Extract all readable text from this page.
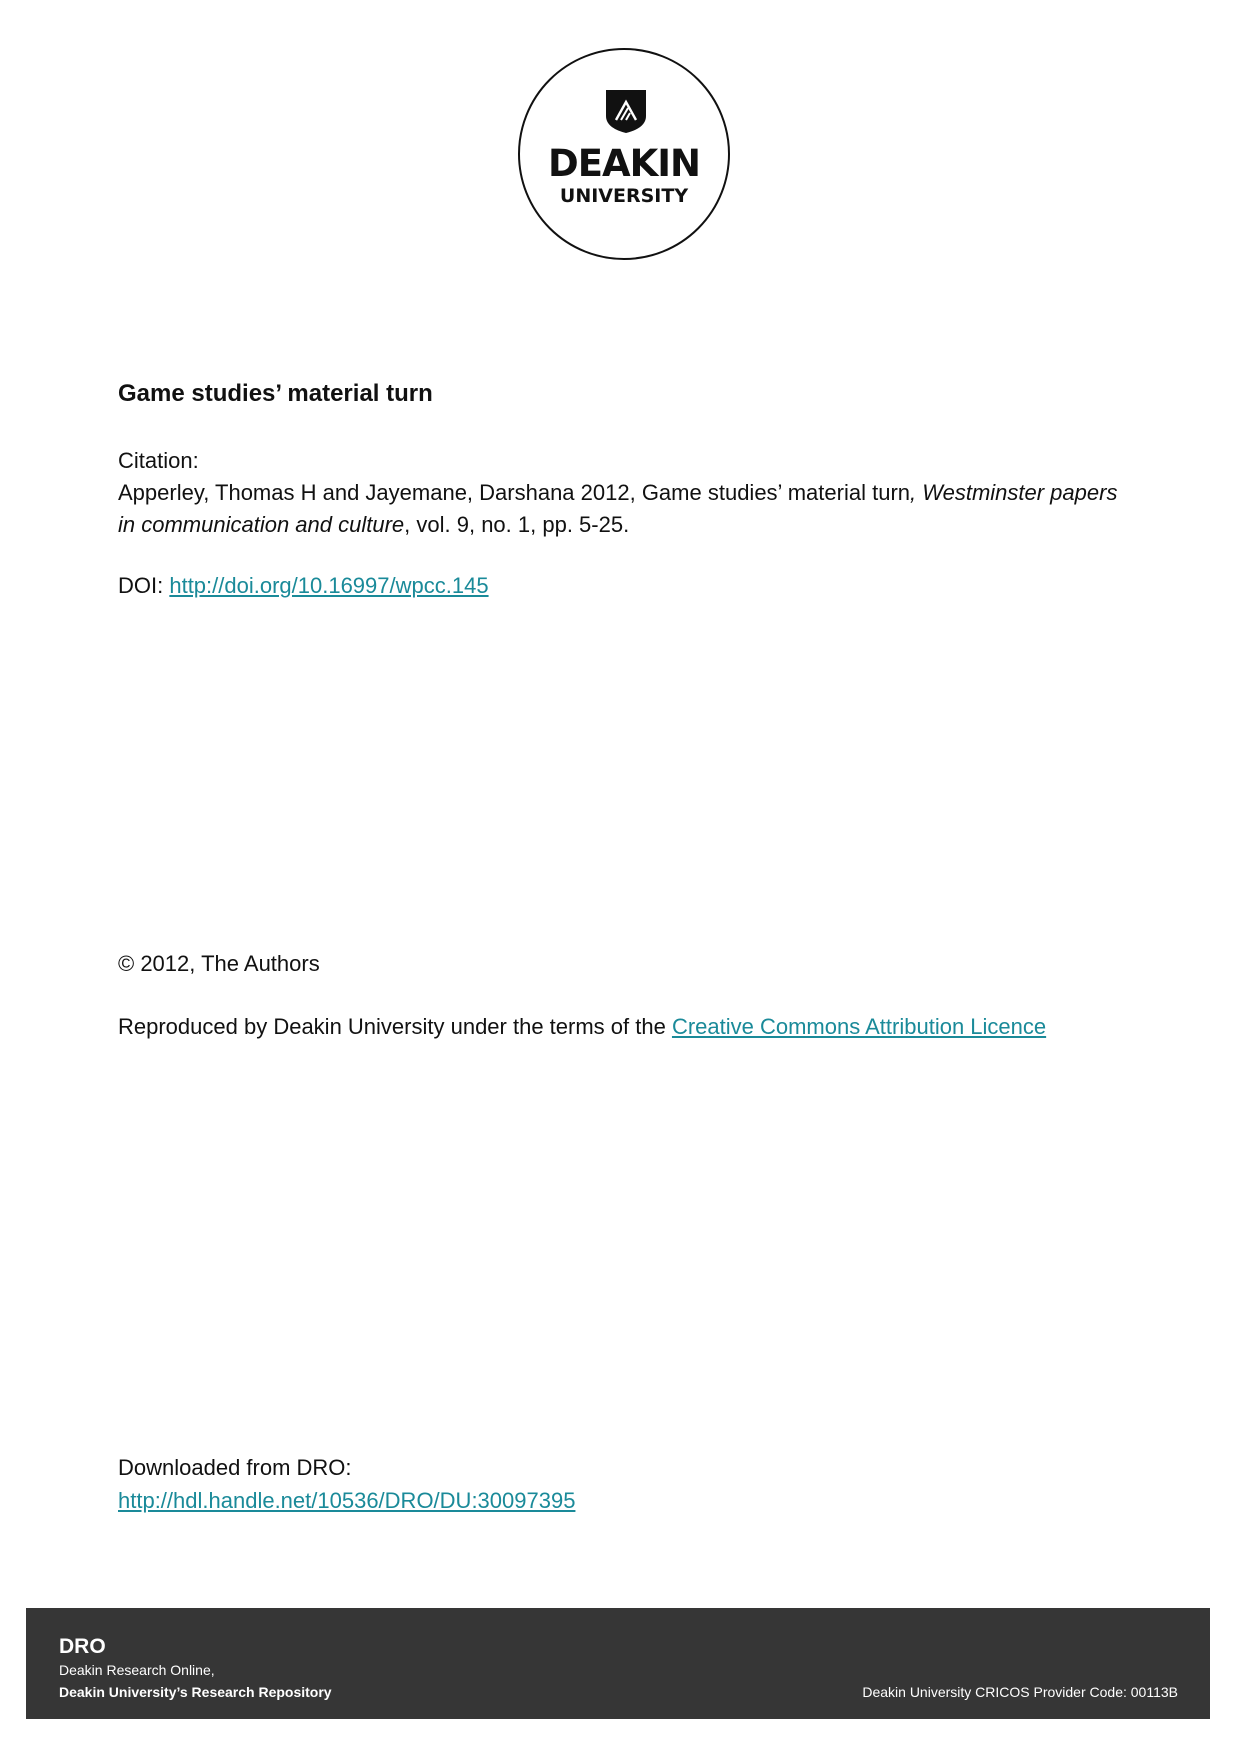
DEAKIN
UNIVERSITY
Game studies’ material turn
Citation:
Apperley, Thomas H and Jayemane, Darshana 2012, Game studies’ material turn, Westminster papers in communication and culture, vol. 9, no. 1, pp. 5-25.
DOI: http://doi.org/10.16997/wpcc.145
© 2012, The Authors
Reproduced by Deakin University under the terms of the Creative Commons Attribution Licence
Downloaded from DRO:
http://hdl.handle.net/10536/DRO/DU:30097395
DRO
Deakin Research Online,
Deakin University’s Research Repository	Deakin University CRICOS Provider Code: 00113B
